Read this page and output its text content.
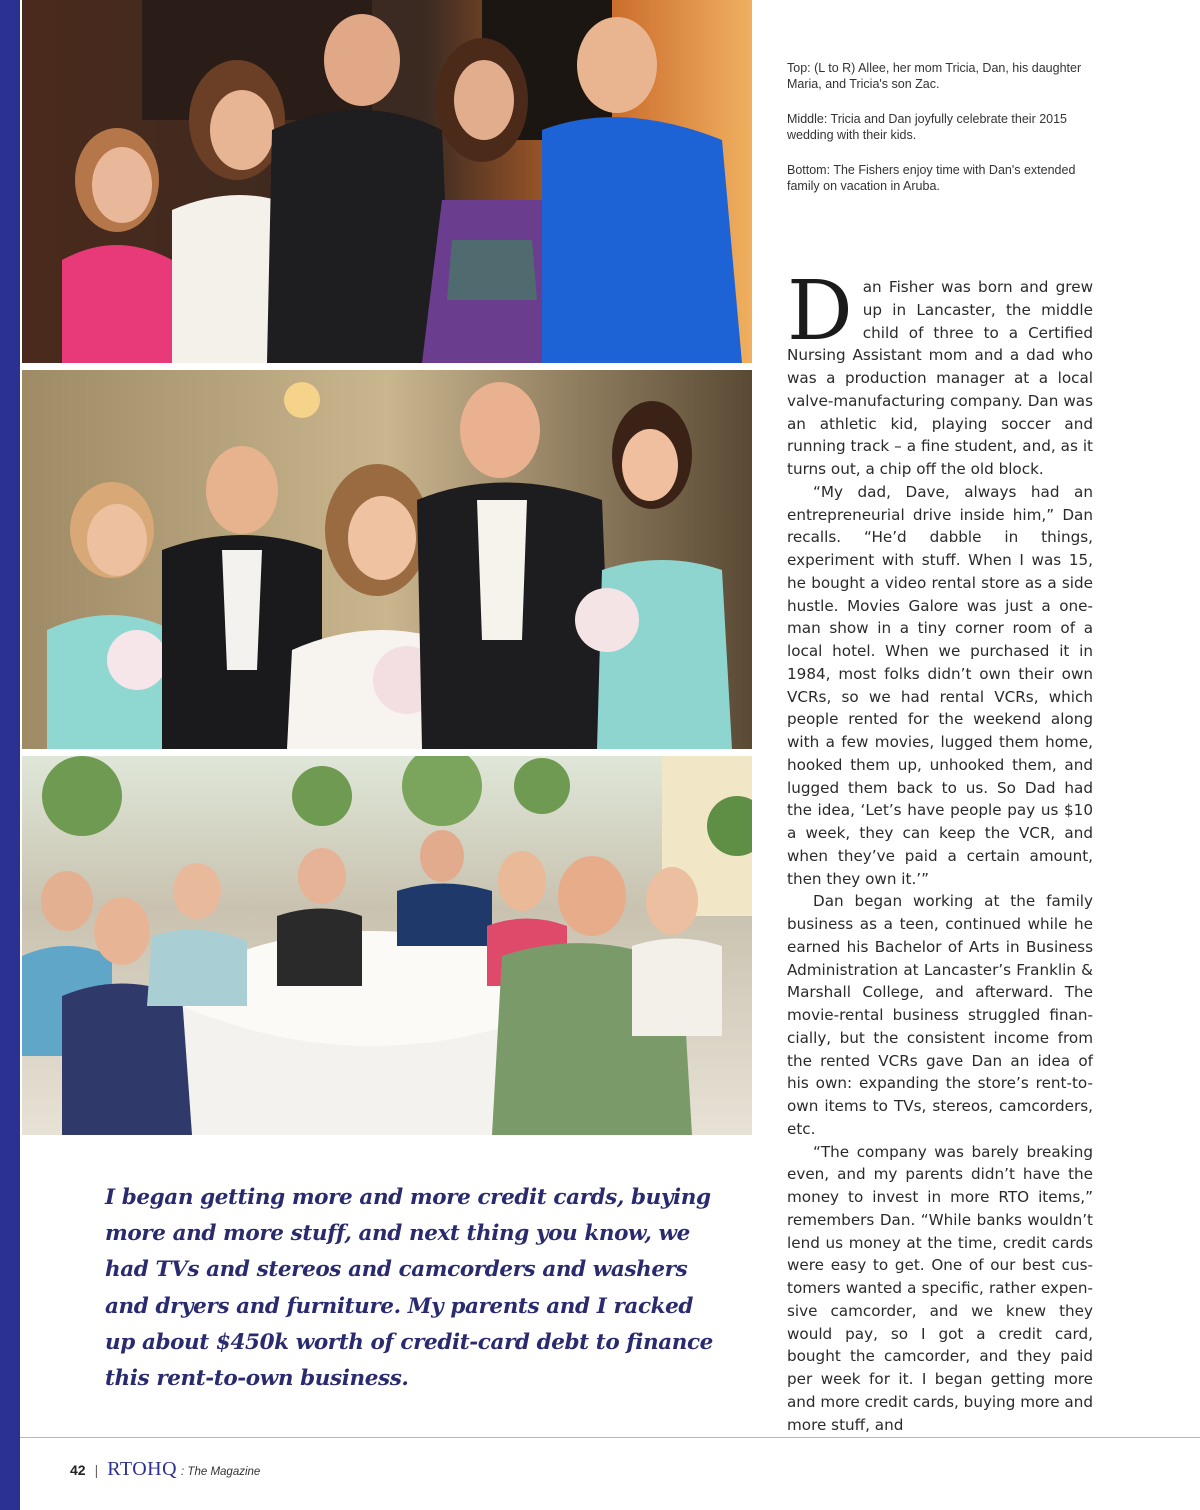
Top: (L to R) Allee, her mom Tricia, Dan, his daughter Maria, and Tricia's son Zac.

Middle: Tricia and Dan joyfully celebrate their 2015 wedding with their kids.

Bottom: The Fishers enjoy time with Dan's extended family on vacation in Aruba.

Dan Fisher was born and grew up in Lancaster, the middle child of three to a Certified Nursing Assistant mom and a dad who was a production manager at a local valve-manufacturing company. Dan was an athletic kid, playing soccer and running track – a fine student, and, as it turns out, a chip off the old block.

“My dad, Dave, always had an entrepreneurial drive inside him,” Dan recalls. “He’d dabble in things, experiment with stuff. When I was 15, he bought a video rental store as a side hustle. Movies Galore was just a one-man show in a tiny corner room of a local hotel. When we purchased it in 1984, most folks didn’t own their own VCRs, so we had rental VCRs, which people rented for the weekend along with a few movies, lugged them home, hooked them up, unhooked them, and lugged them back to us. So Dad had the idea, ‘Let’s have people pay us $10 a week, they can keep the VCR, and when they’ve paid a certain amount, then they own it.’”

Dan began working at the family business as a teen, continued while he earned his Bachelor of Arts in Business Administration at Lancaster’s Franklin & Marshall College, and afterward. The movie-rental business struggled financially, but the consistent income from the rented VCRs gave Dan an idea of his own: expanding the store’s rent-to-own items to TVs, stereos, camcorders, etc.

“The company was barely breaking even, and my parents didn’t have the money to invest in more RTO items,” remembers Dan. “While banks wouldn’t lend us money at the time, credit cards were easy to get. One of our best customers wanted a specific, rather expensive camcorder, and we knew they would pay, so I got a credit card, bought the camcorder, and they paid per week for it. I began getting more and more credit cards, buying more and more stuff, and

I began getting more and more credit cards, buying more and more stuff, and next thing you know, we had TVs and stereos and camcorders and washers and dryers and furniture. My parents and I racked up about $450k worth of credit-card debt to finance this rent-to-own business.
42 | RTOHQ : The Magazine
